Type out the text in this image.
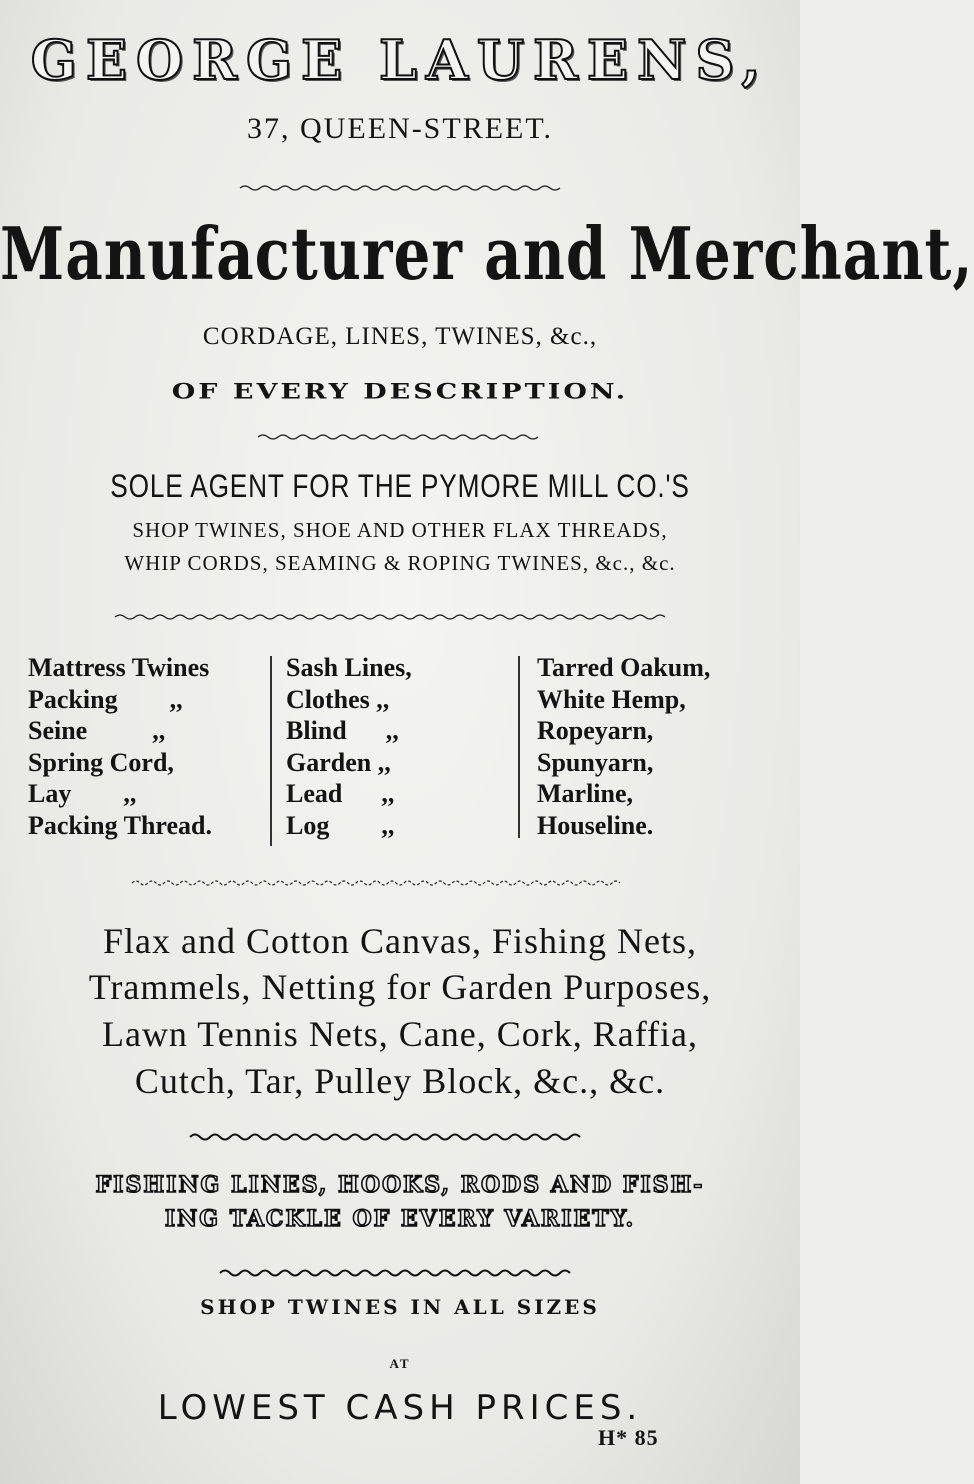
GEORGE LAURENS,
37, QUEEN-STREET.
Manufacturer and Merchant,
CORDAGE, LINES, TWINES, &c.,
OF EVERY DESCRIPTION.
SOLE AGENT FOR THE PYMORE MILL CO.'S
SHOP TWINES, SHOE AND OTHER FLAX THREADS,
WHIP CORDS, SEAMING & ROPING TWINES, &c., &c.
Mattress Twines
Packing        ,,
Seine          ,,
Spring Cord,
Lay        ,,
Packing Thread.
Sash Lines,
Clothes ,,
Blind      ,,
Garden ,,
Lead      ,,
Log        ,,
Tarred Oakum,
White Hemp,
Ropeyarn,
Spunyarn,
Marline,
Houseline.
Flax and Cotton Canvas, Fishing Nets,
Trammels, Netting for Garden Purposes,
Lawn Tennis Nets, Cane, Cork, Raffia,
Cutch, Tar, Pulley Block, &c., &c.
FISHING LINES, HOOKS, RODS AND FISH-
ING TACKLE OF EVERY VARIETY.
SHOP TWINES IN ALL SIZES
AT
LOWEST CASH PRICES.
H* 85
